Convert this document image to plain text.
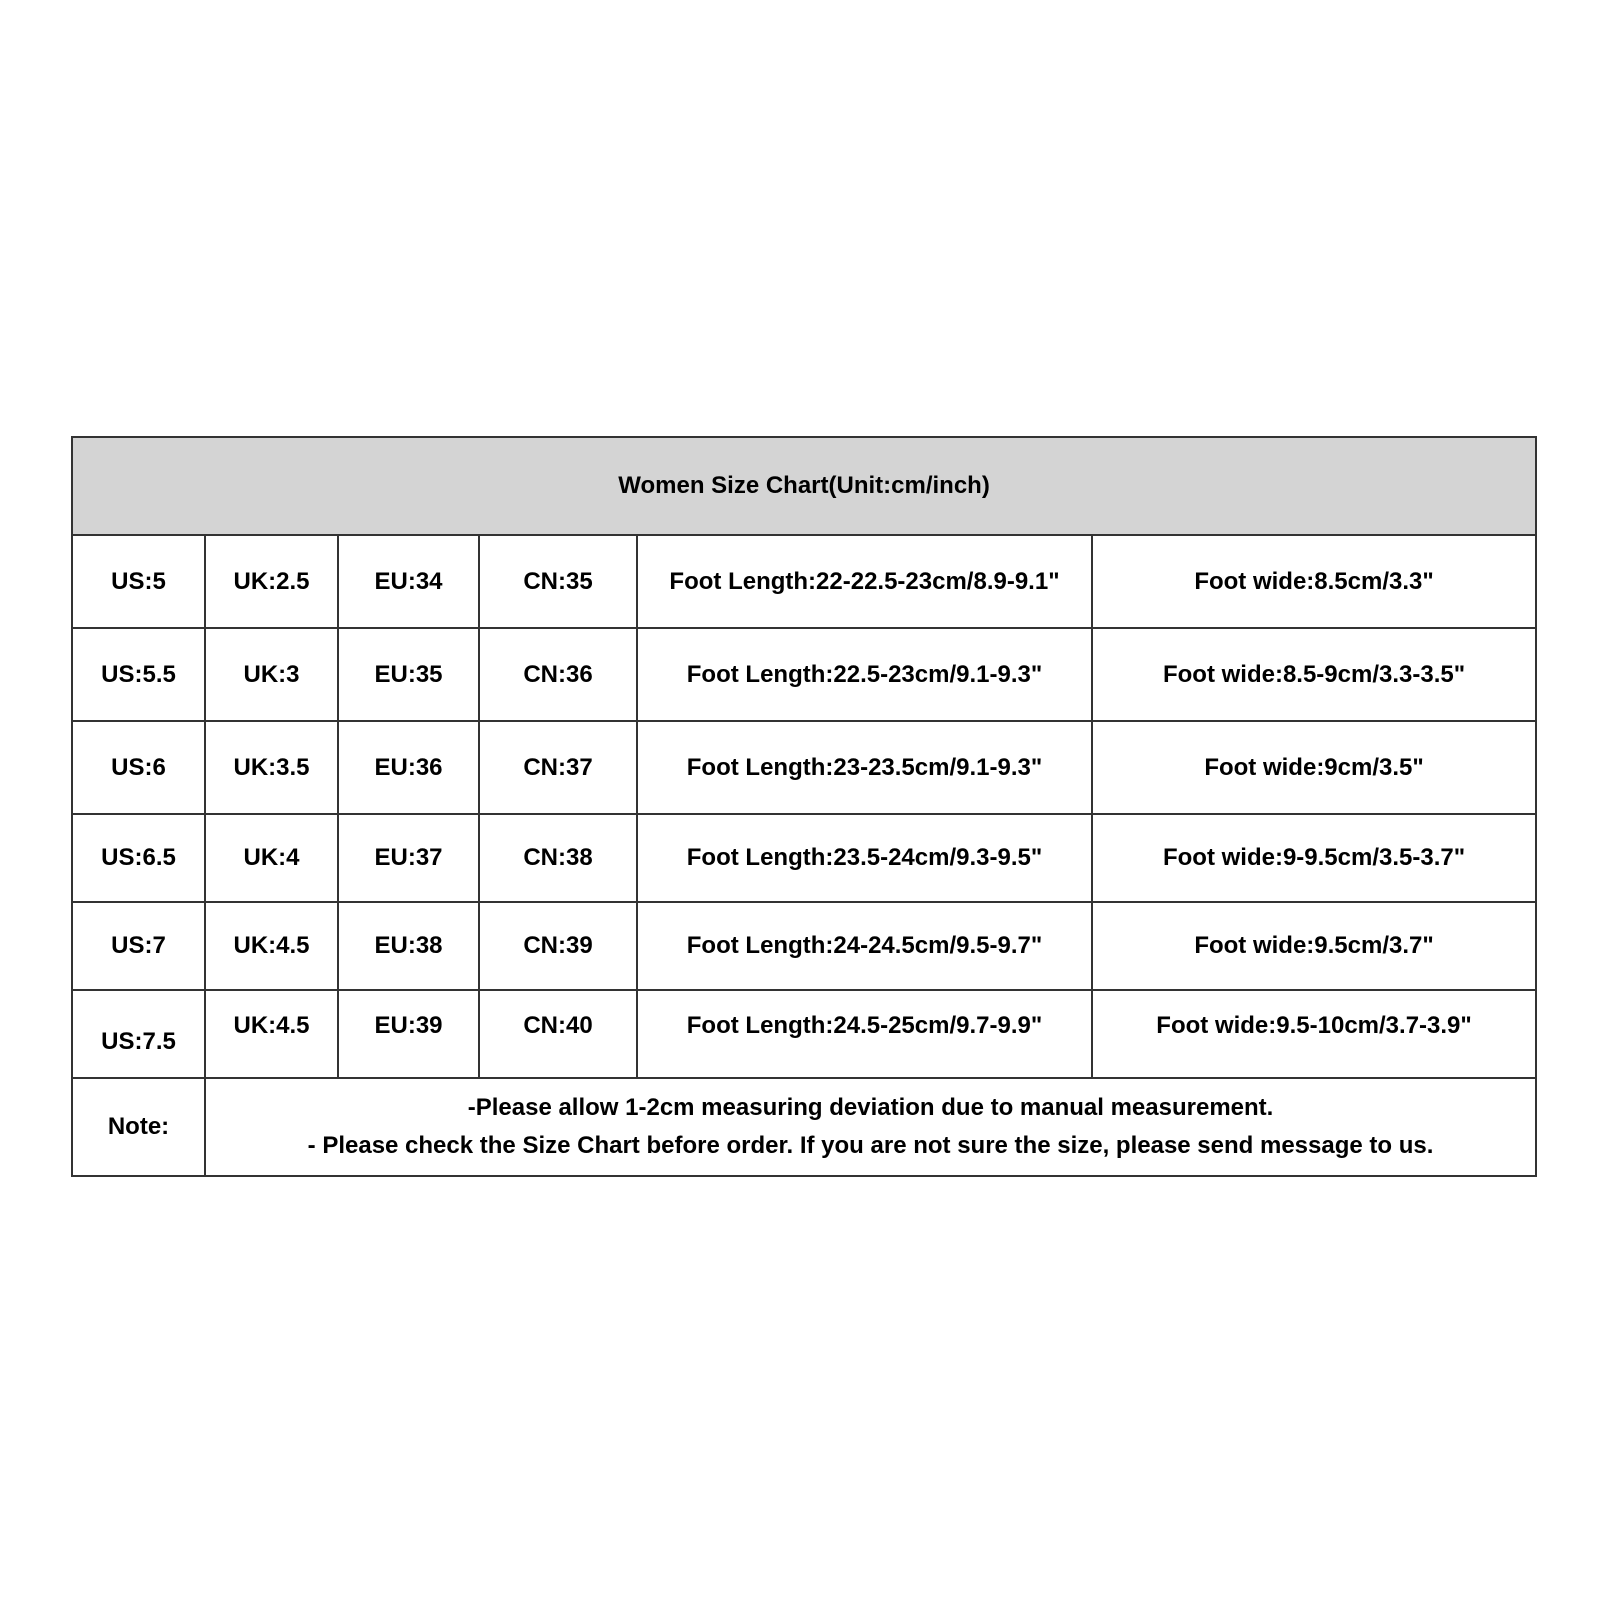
Women Size Chart(Unit:cm/inch)					
US:5	UK:2.5	EU:34	CN:35	Foot Length:22-22.5-23cm/8.9-9.1"	Foot wide:8.5cm/3.3"
US:5.5	UK:3	EU:35	CN:36	Foot Length:22.5-23cm/9.1-9.3"	Foot wide:8.5-9cm/3.3-3.5"
US:6	UK:3.5	EU:36	CN:37	Foot Length:23-23.5cm/9.1-9.3"	Foot wide:9cm/3.5"
US:6.5	UK:4	EU:37	CN:38	Foot Length:23.5-24cm/9.3-9.5"	Foot wide:9-9.5cm/3.5-3.7"
US:7	UK:4.5	EU:38	CN:39	Foot Length:24-24.5cm/9.5-9.7"	Foot wide:9.5cm/3.7"
US:7.5	UK:4.5	EU:39	CN:40	Foot Length:24.5-25cm/9.7-9.9"	Foot wide:9.5-10cm/3.7-3.9"
Note:	-Please allow 1-2cm measuring deviation due to manual measurement.
- Please check the Size Chart before order. If you are not sure the size, please send message to us.				
